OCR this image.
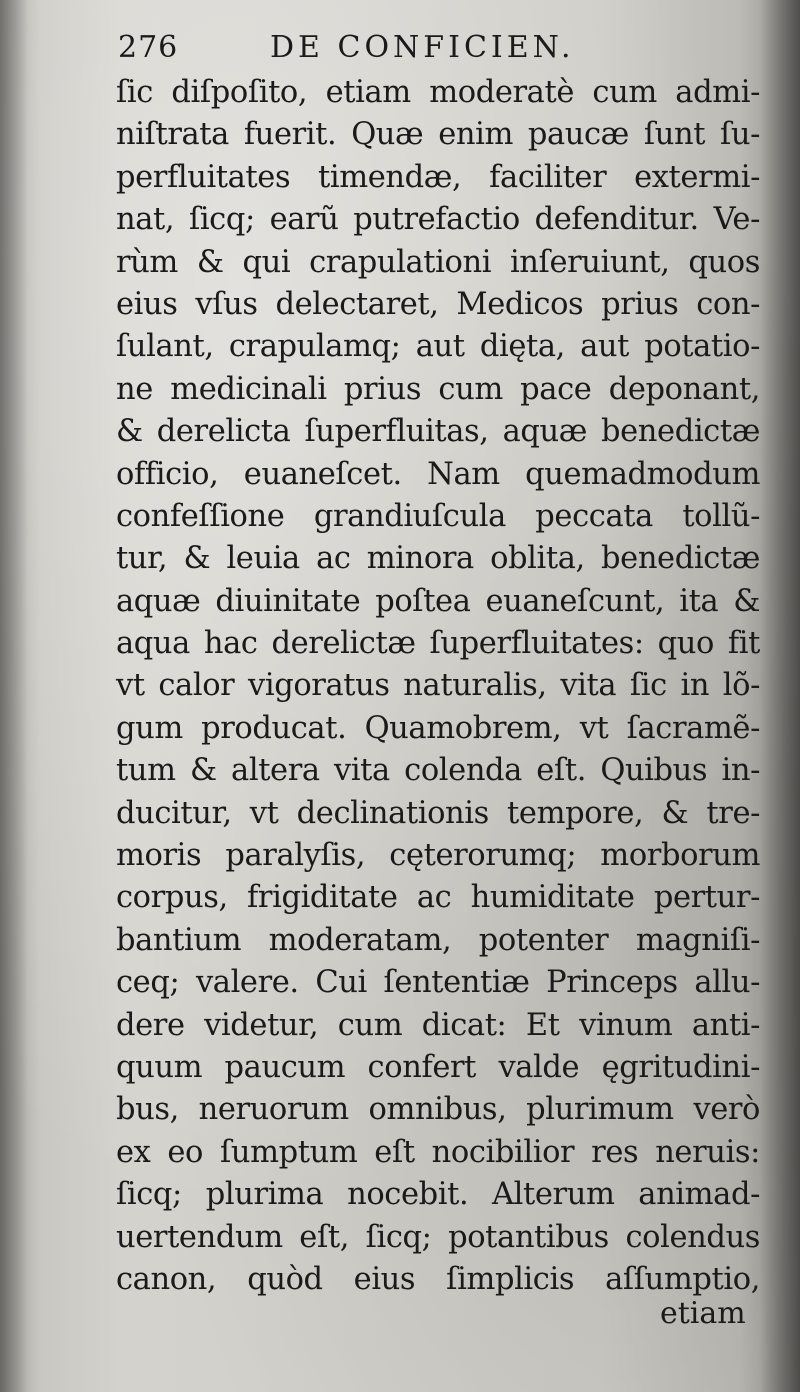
276	DE CONFICIEN.
ſic diſpoſito, etiam moderatè cum admi-
niſtrata fuerit. Quæ enim paucæ ſunt ſu-
perfluitates timendæ, faciliter extermi-
nat, ſicq; earũ putrefactio defenditur. Ve-
rùm & qui crapulationi inſeruiunt, quos
eius vſus delectaret, Medicos prius con-
ſulant, crapulamq; aut dięta, aut potatio-
ne medicinali prius cum pace deponant,
& derelicta ſuperfluitas, aquæ benedictæ
officio, euaneſcet. Nam quemadmodum
confeſſione grandiuſcula peccata tollũ-
tur, & leuia ac minora oblita, benedictæ
aquæ diuinitate poſtea euaneſcunt, ita &
aqua hac derelictæ ſuperfluitates: quo fit
vt calor vigoratus naturalis, vita ſic in lõ-
gum producat. Quamobrem, vt ſacramẽ-
tum & altera vita colenda eſt. Quibus in-
ducitur, vt declinationis tempore, & tre-
moris paralyſis, cęterorumq; morborum
corpus, frigiditate ac humiditate pertur-
bantium moderatam, potenter magniſi-
ceq; valere. Cui ſententiæ Princeps allu-
dere videtur, cum dicat: Et vinum anti-
quum paucum confert valde ęgritudini-
bus, neruorum omnibus, plurimum verò
ex eo ſumptum eſt nocibilior res neruis:
ſicq; plurima nocebit. Alterum animad-
uertendum eſt, ſicq; potantibus colendus
canon, quòd eius ſimplicis aſſumptio,
etiam
